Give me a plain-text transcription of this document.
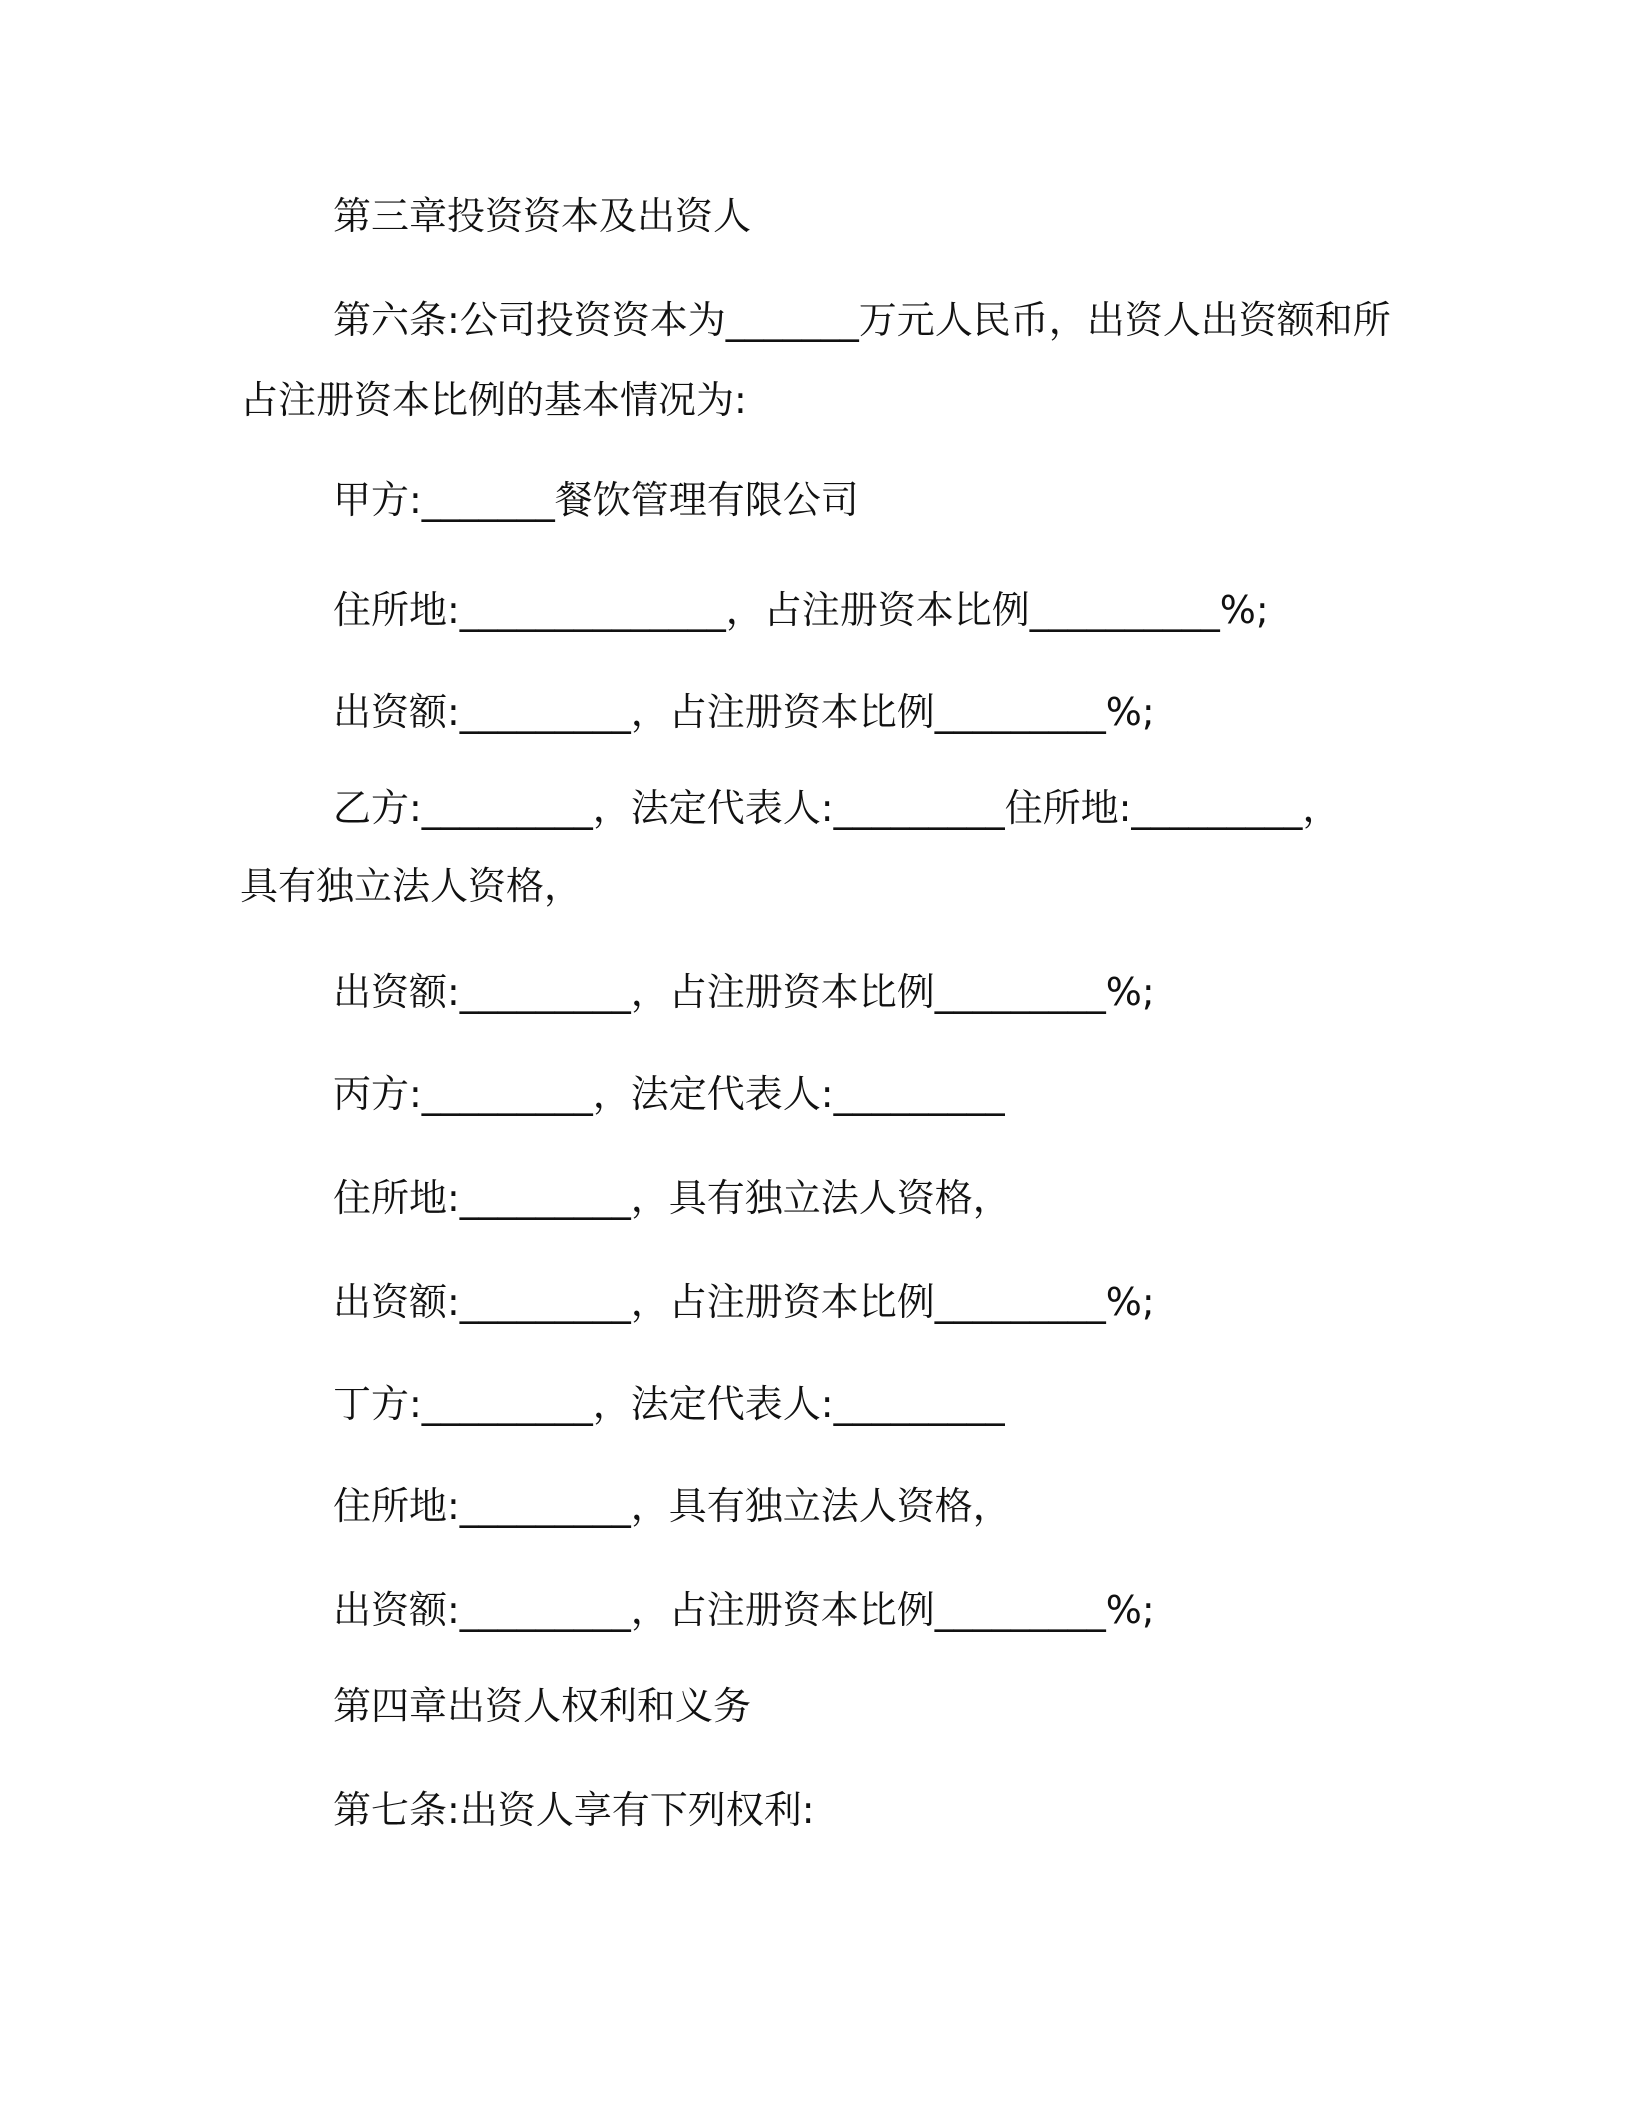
第三章投资资本及出资人

第六条:公司投资资本为_______万元人民币，出资人出资额和所

占注册资本比例的基本情况为:

甲方:_______餐饮管理有限公司

住所地:______________，占注册资本比例__________%;

出资额:_________，占注册资本比例_________%;

乙方:_________，法定代表人:_________住所地:_________，

具有独立法人资格，

出资额:_________，占注册资本比例_________%;

丙方:_________，法定代表人:_________

住所地:_________，具有独立法人资格，

出资额:_________，占注册资本比例_________%;

丁方:_________，法定代表人:_________

住所地:_________，具有独立法人资格，

出资额:_________，占注册资本比例_________%;

第四章出资人权利和义务

第七条:出资人享有下列权利:
